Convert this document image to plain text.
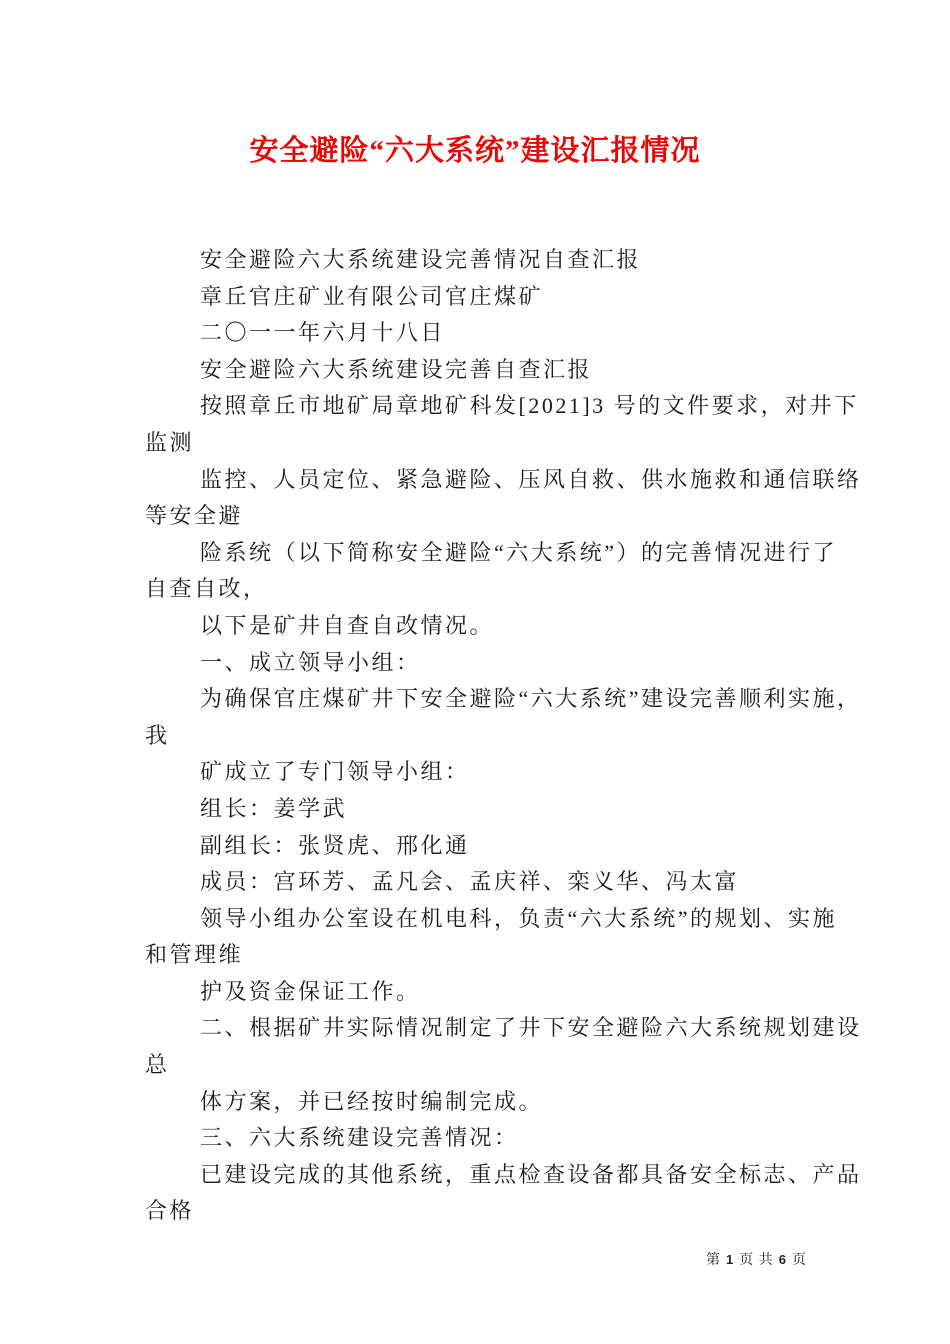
安全避险“六大系统”建设汇报情况
安全避险六大系统建设完善情况自查汇报
章丘官庄矿业有限公司官庄煤矿
二〇一一年六月十八日
安全避险六大系统建设完善自查汇报
按照章丘市地矿局章地矿科发[2021]3 号的文件要求，对井下
监测
监控、人员定位、紧急避险、压风自救、供水施救和通信联络
等安全避
险系统（以下简称安全避险“六大系统”）的完善情况进行了
自查自改，
以下是矿井自查自改情况。
一、成立领导小组：
为确保官庄煤矿井下安全避险“六大系统”建设完善顺利实施，
我
矿成立了专门领导小组：
组长：姜学武
副组长：张贤虎、邢化通
成员：宫环芳、孟凡会、孟庆祥、栾义华、冯太富
领导小组办公室设在机电科，负责“六大系统”的规划、实施
和管理维
护及资金保证工作。
二、根据矿井实际情况制定了井下安全避险六大系统规划建设
总
体方案，并已经按时编制完成。
三、六大系统建设完善情况：
已建设完成的其他系统，重点检查设备都具备安全标志、产品
合格
第 1 页 共 6 页
